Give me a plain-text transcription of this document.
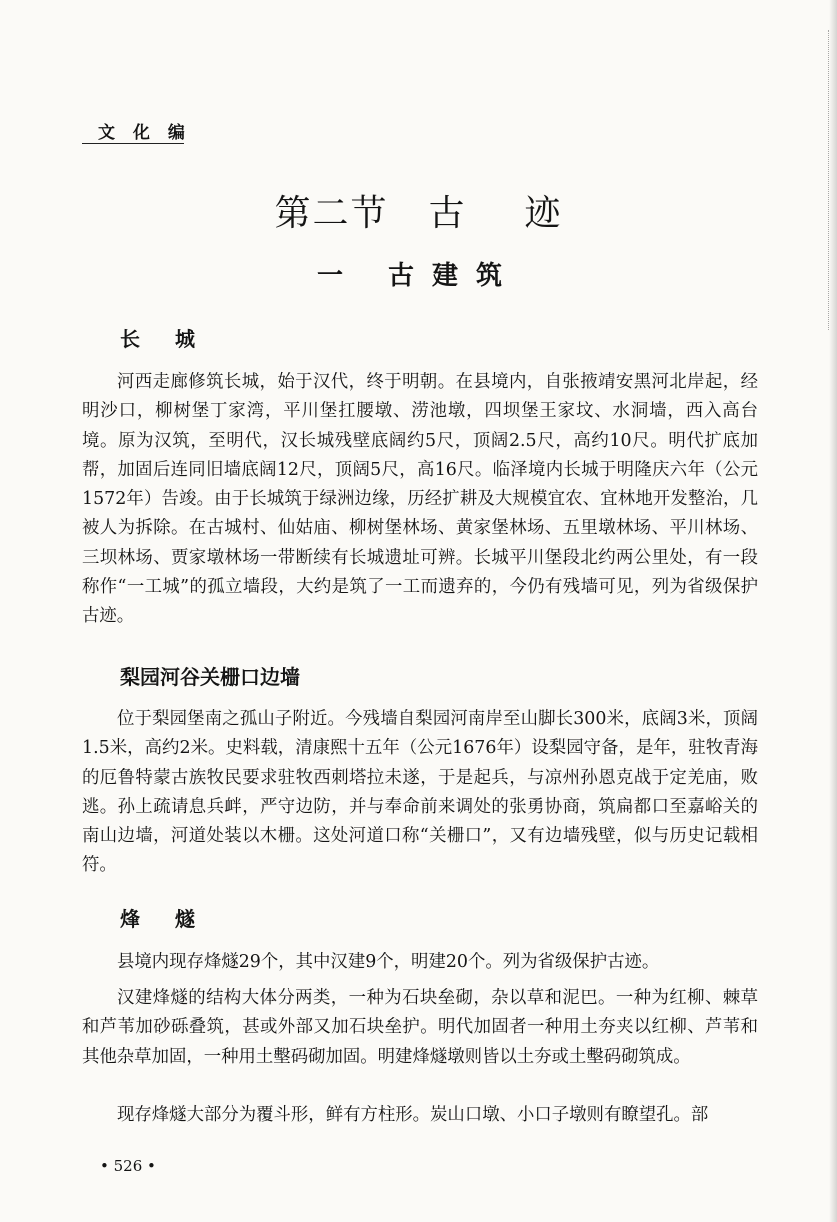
文 化 编
第二节 古 迹
一 古建筑
长 城

河西走廊修筑长城，始于汉代，终于明朝。在县境内，自张掖靖安黑河北岸起，经明沙口，柳树堡丁家湾，平川堡扛腰墩、涝池墩，四坝堡王家坟、水洞墙，西入高台境。原为汉筑，至明代，汉长城残壁底阔约5尺，顶阔2.5尺，高约10尺。明代扩底加帮，加固后连同旧墙底阔12尺，顶阔5尺，高16尺。临泽境内长城于明隆庆六年（公元1572年）告竣。由于长城筑于绿洲边缘，历经扩耕及大规模宜农、宜林地开发整治，几被人为拆除。在古城村、仙姑庙、柳树堡林场、黄家堡林场、五里墩林场、平川林场、三坝林场、贾家墩林场一带断续有长城遗址可辨。长城平川堡段北约两公里处，有一段称作“一工城”的孤立墙段，大约是筑了一工而遗弃的，今仍有残墙可见，列为省级保护古迹。

梨园河谷关栅口边墙

位于梨园堡南之孤山子附近。今残墙自梨园河南岸至山脚长300米，底阔3米，顶阔1.5米，高约2米。史料载，清康熙十五年（公元1676年）设梨园守备，是年，驻牧青海的厄鲁特蒙古族牧民要求驻牧西刺塔拉未遂，于是起兵，与凉州孙恩克战于定羌庙，败逃。孙上疏请息兵衅，严守边防，并与奉命前来调处的张勇协商，筑扁都口至嘉峪关的南山边墙，河道处装以木栅。这处河道口称“关栅口”，又有边墙残壁，似与历史记载相符。

烽 燧

县境内现存烽燧29个，其中汉建9个，明建20个。列为省级保护古迹。

汉建烽燧的结构大体分两类，一种为石块垒砌，杂以草和泥巴。一种为红柳、棘草和芦苇加砂砾叠筑，甚或外部又加石块垒护。明代加固者一种用土夯夹以红柳、芦苇和其他杂草加固，一种用土墼码砌加固。明建烽燧墩则皆以土夯或土墼码砌筑成。

现存烽燧大部分为覆斗形，鲜有方柱形。炭山口墩、小口子墩则有瞭望孔。部

• 526 •
